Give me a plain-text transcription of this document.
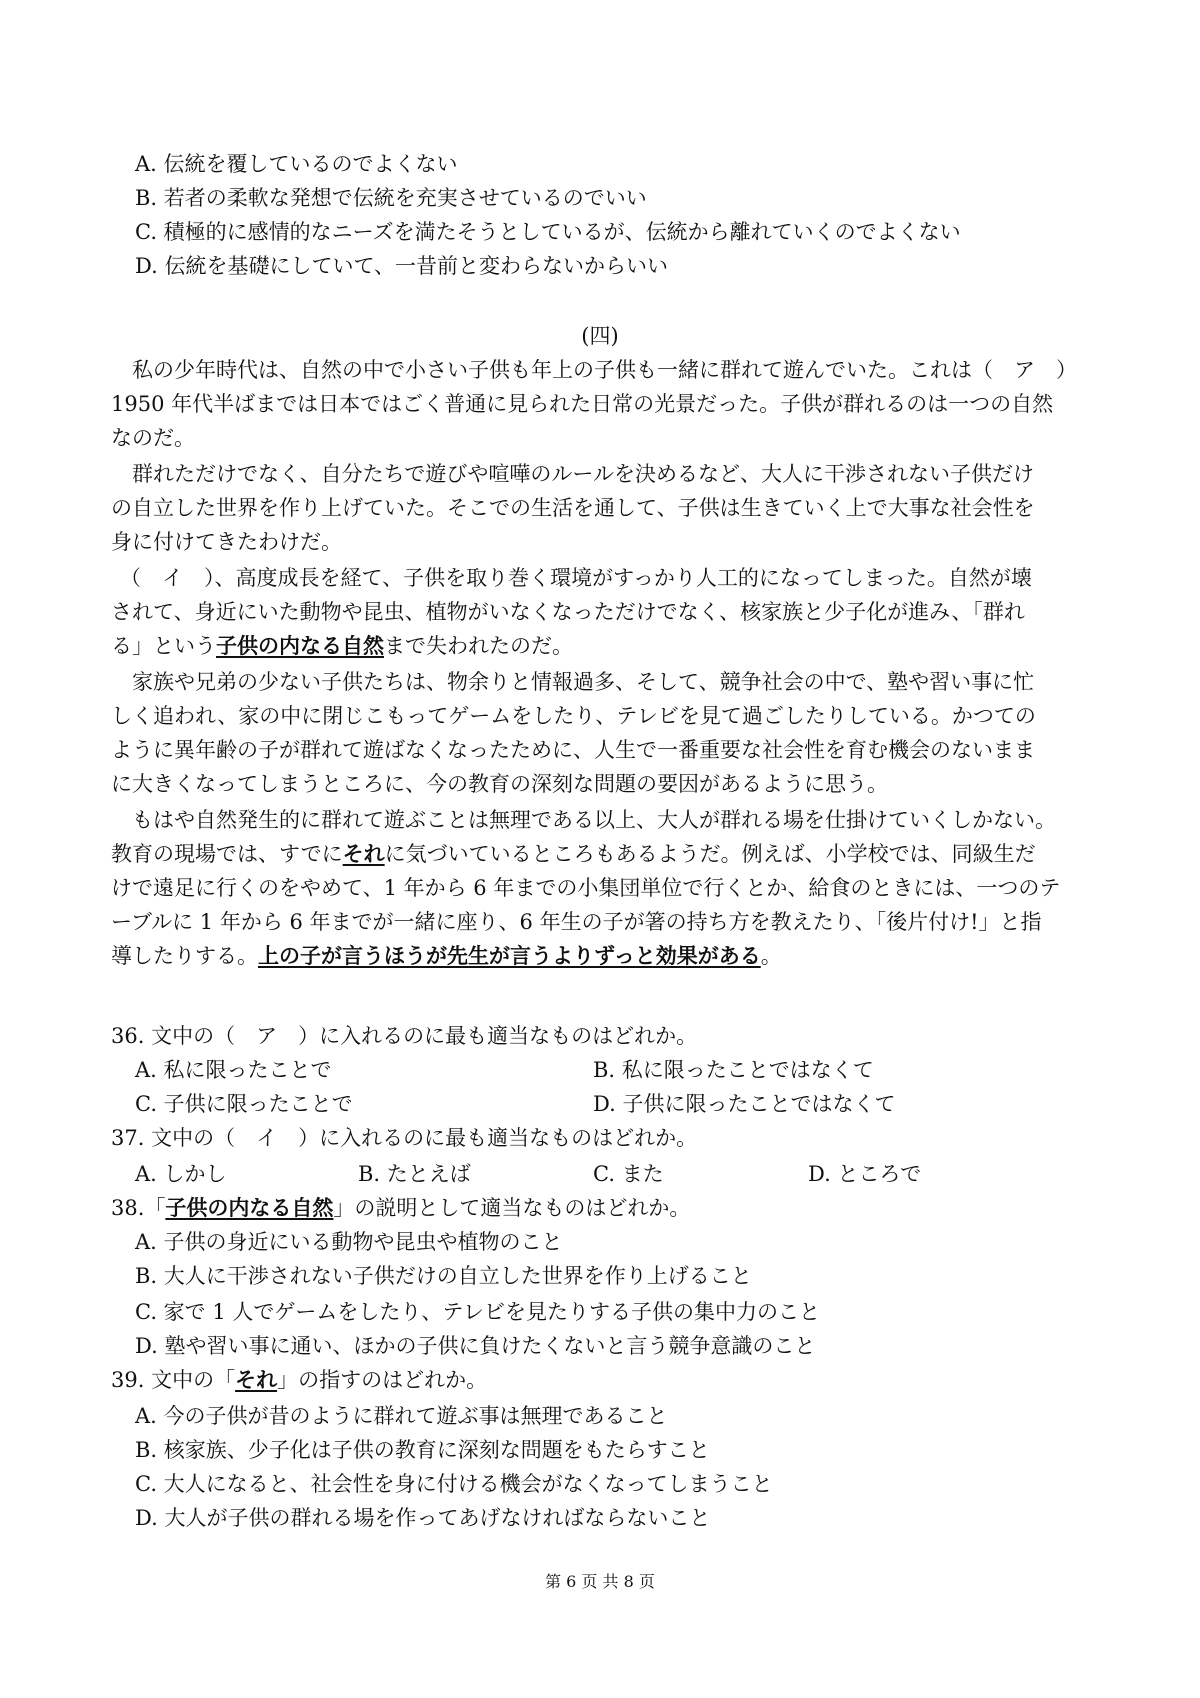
A. 伝統を覆しているのでよくない
B. 若者の柔軟な発想で伝統を充実させているのでいい
C. 積極的に感情的なニーズを満たそうとしているが、伝統から離れていくのでよくない
D. 伝統を基礎にしていて、一昔前と変わらないからいい
(四)
　私の少年時代は、自然の中で小さい子供も年上の子供も一緒に群れて遊んでいた。これは（　ア　）
1950 年代半ばまでは日本ではごく普通に見られた日常の光景だった。子供が群れるのは一つの自然
なのだ。
　群れただけでなく、自分たちで遊びや喧嘩のルールを決めるなど、大人に干渉されない子供だけ
の自立した世界を作り上げていた。そこでの生活を通して、子供は生きていく上で大事な社会性を
身に付けてきたわけだ。
（　イ　）、高度成長を経て、子供を取り巻く環境がすっかり人工的になってしまった。自然が壊
されて、身近にいた動物や昆虫、植物がいなくなっただけでなく、核家族と少子化が進み、「群れ
る」という子供の内なる自然まで失われたのだ。
　家族や兄弟の少ない子供たちは、物余りと情報過多、そして、競争社会の中で、塾や習い事に忙
しく追われ、家の中に閉じこもってゲームをしたり、テレビを見て過ごしたりしている。かつての
ように異年齢の子が群れて遊ばなくなったために、人生で一番重要な社会性を育む機会のないまま
に大きくなってしまうところに、今の教育の深刻な問題の要因があるように思う。
　もはや自然発生的に群れて遊ぶことは無理である以上、大人が群れる場を仕掛けていくしかない。
教育の現場では、すでにそれに気づいているところもあるようだ。例えば、小学校では、同級生だ
けで遠足に行くのをやめて、1 年から 6 年までの小集団単位で行くとか、給食のときには、一つのテ
ーブルに 1 年から 6 年までが一緒に座り、6 年生の子が箸の持ち方を教えたり、「後片付け!」と指
導したりする。上の子が言うほうが先生が言うよりずっと効果がある。
36. 文中の（　ア　）に入れるのに最も適当なものはどれか。
A. 私に限ったことで	B. 私に限ったことではなくて
C. 子供に限ったことで	D. 子供に限ったことではなくて
37. 文中の（　イ　）に入れるのに最も適当なものはどれか。
A. しかし	B. たとえば	C. また	D. ところで
38.「子供の内なる自然」の説明として適当なものはどれか。
A. 子供の身近にいる動物や昆虫や植物のこと
B. 大人に干渉されない子供だけの自立した世界を作り上げること
C. 家で 1 人でゲームをしたり、テレビを見たりする子供の集中力のこと
D. 塾や習い事に通い、ほかの子供に負けたくないと言う競争意識のこと
39. 文中の「それ」の指すのはどれか。
A. 今の子供が昔のように群れて遊ぶ事は無理であること
B. 核家族、少子化は子供の教育に深刻な問題をもたらすこと
C. 大人になると、社会性を身に付ける機会がなくなってしまうこと
D. 大人が子供の群れる場を作ってあげなければならないこと
第 6 页 共 8 页
